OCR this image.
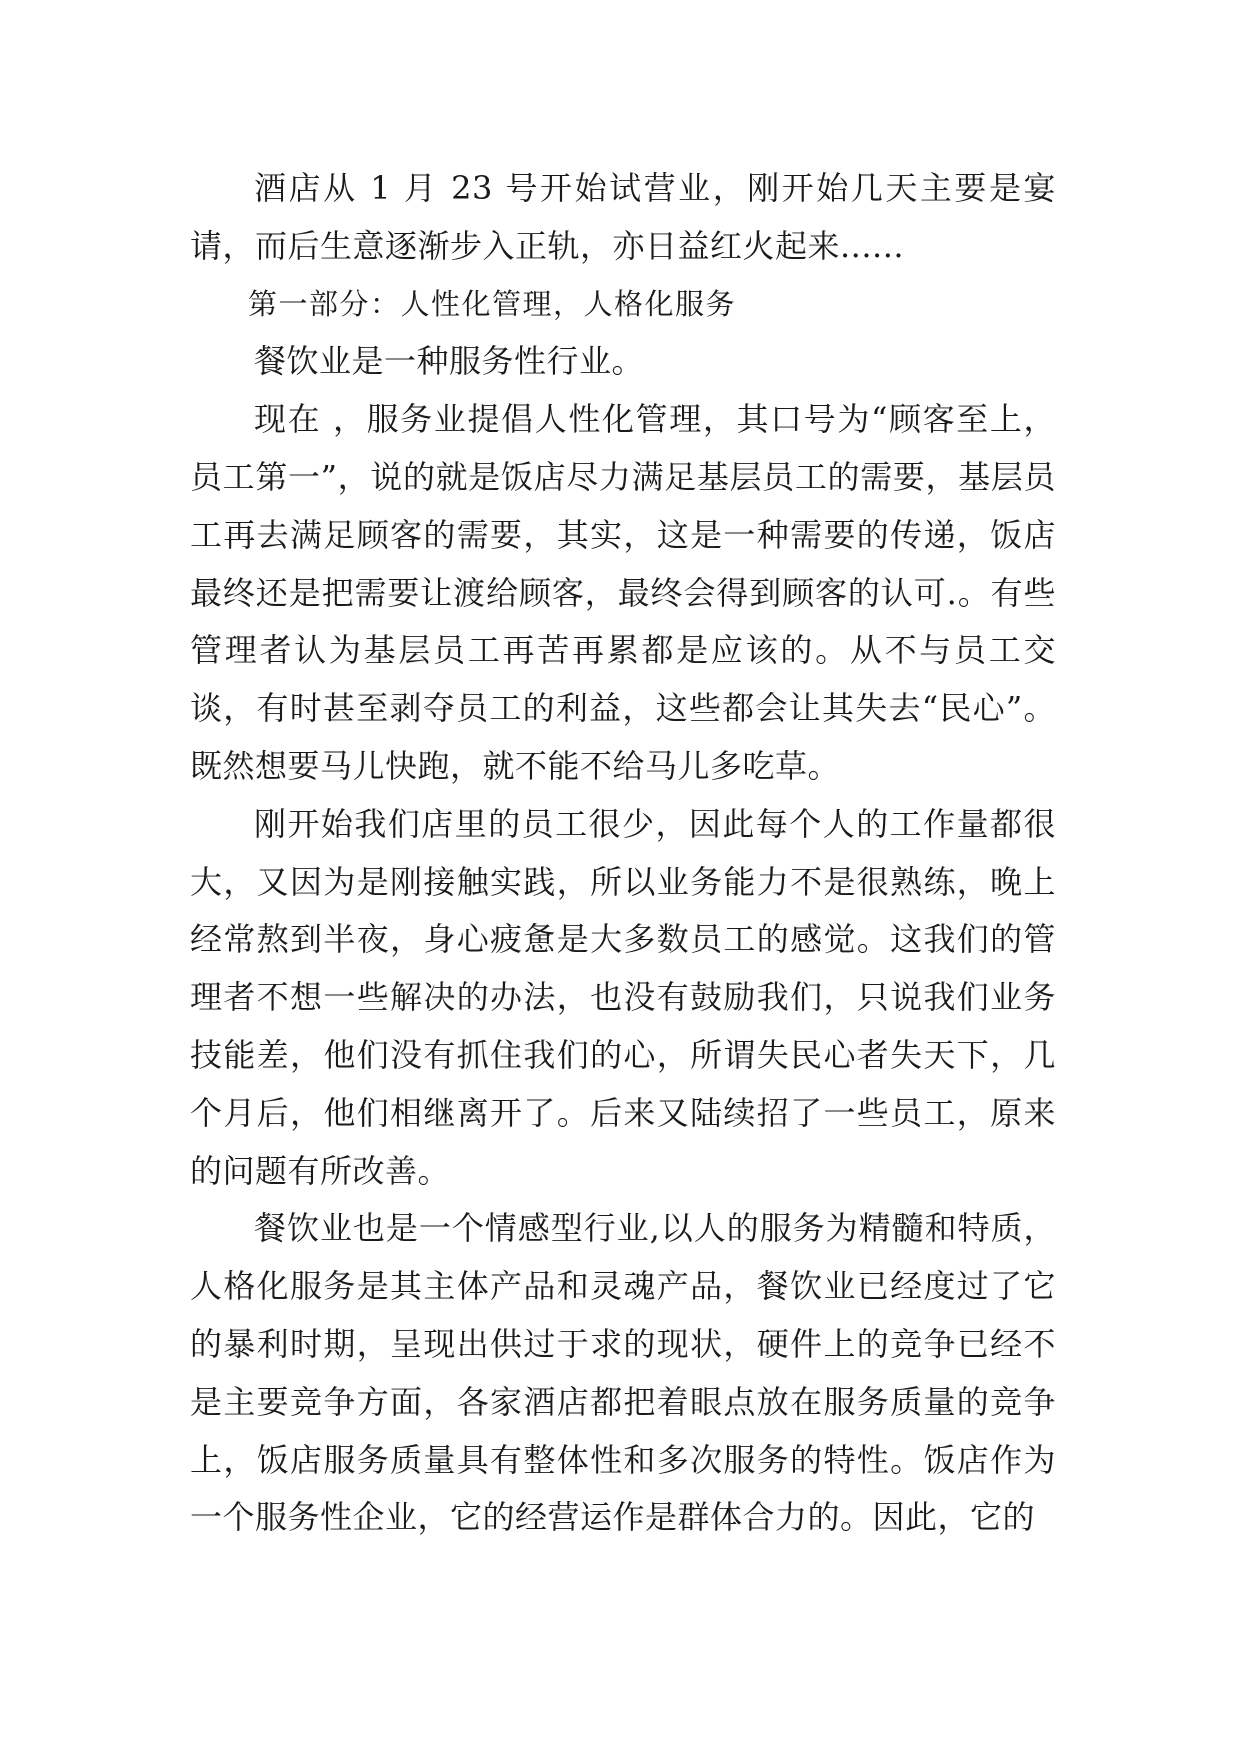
酒店从 1 月 23 号开始试营业，刚开始几天主要是宴请，而后生意逐渐步入正轨，亦日益红火起来......

第一部分：人性化管理，人格化服务

餐饮业是一种服务性行业。

现在 ，服务业提倡人性化管理，其口号为“顾客至上，员工第一”，说的就是饭店尽力满足基层员工的需要，基层员工再去满足顾客的需要，其实，这是一种需要的传递，饭店最终还是把需要让渡给顾客，最终会得到顾客的认可.。有些管理者认为基层员工再苦再累都是应该的。从不与员工交谈，有时甚至剥夺员工的利益，这些都会让其失去“民心”。既然想要马儿快跑，就不能不给马儿多吃草。

刚开始我们店里的员工很少，因此每个人的工作量都很大，又因为是刚接触实践，所以业务能力不是很熟练，晚上经常熬到半夜，身心疲惫是大多数员工的感觉。这我们的管理者不想一些解决的办法，也没有鼓励我们，只说我们业务技能差，他们没有抓住我们的心，所谓失民心者失天下，几个月后，他们相继离开了。后来又陆续招了一些员工，原来的问题有所改善。

餐饮业也是一个情感型行业,以人的服务为精髓和特质，人格化服务是其主体产品和灵魂产品，餐饮业已经度过了它的暴利时期，呈现出供过于求的现状，硬件上的竞争已经不是主要竞争方面，各家酒店都把着眼点放在服务质量的竞争上，饭店服务质量具有整体性和多次服务的特性。饭店作为一个服务性企业，它的经营运作是群体合力的。因此，它的
